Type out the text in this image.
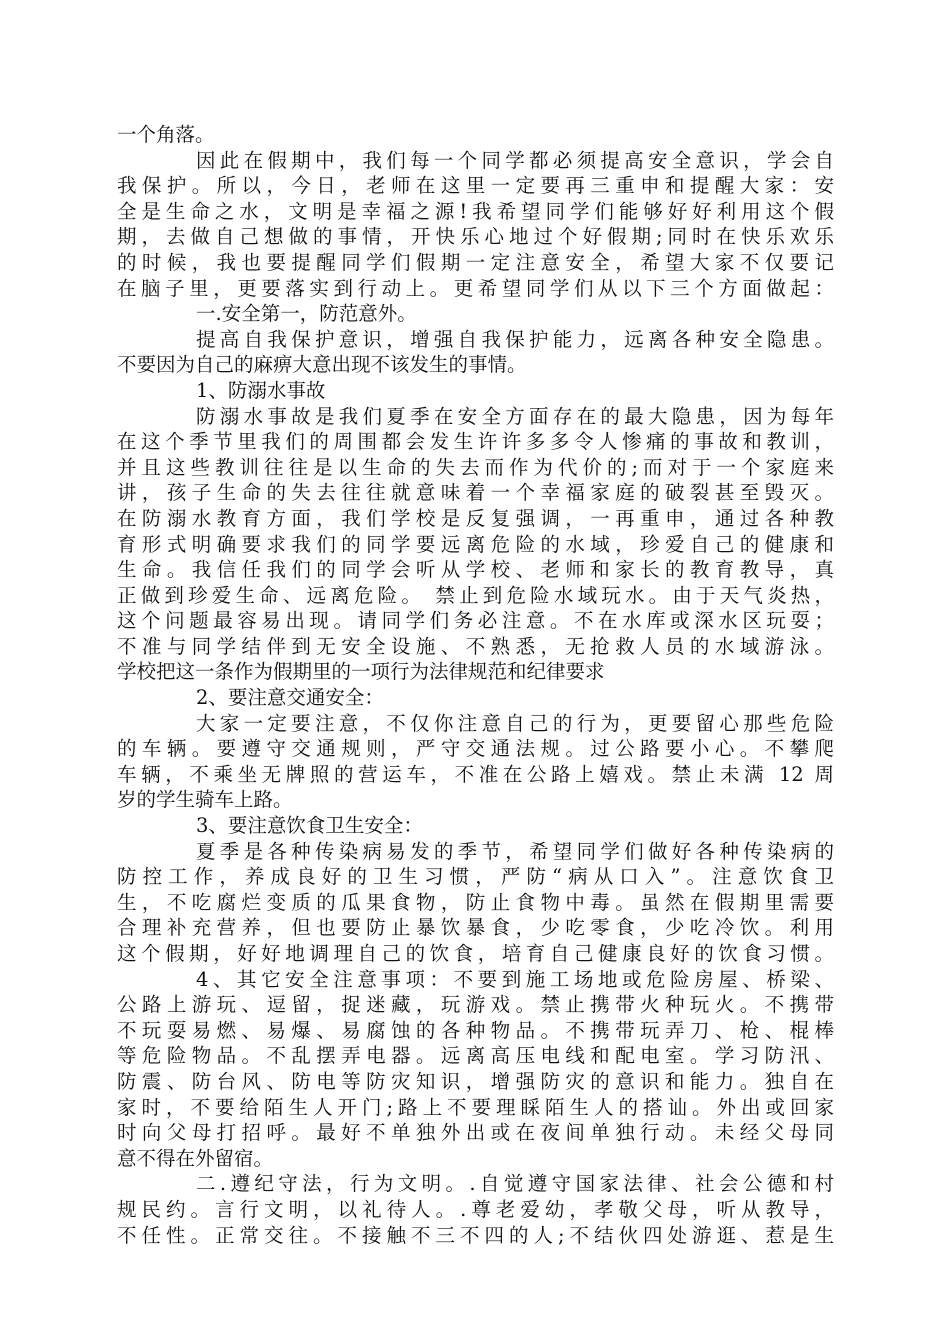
一个角落。
因此在假期中，我们每一个同学都必须提高安全意识，学会自
我保护。所以，今日，老师在这里一定要再三重申和提醒大家：安
全是生命之水，文明是幸福之源!我希望同学们能够好好利用这个假
期，去做自己想做的事情，开快乐心地过个好假期;同时在快乐欢乐
的时候，我也要提醒同学们假期一定注意安全，希望大家不仅要记
在脑子里，更要落实到行动上。更希望同学们从以下三个方面做起：
一.安全第一，防范意外。
提高自我保护意识，增强自我保护能力，远离各种安全隐患。
不要因为自己的麻痹大意出现不该发生的事情。
1、防溺水事故
防溺水事故是我们夏季在安全方面存在的最大隐患，因为每年
在这个季节里我们的周围都会发生许许多多令人惨痛的事故和教训，
并且这些教训往往是以生命的失去而作为代价的;而对于一个家庭来
讲，孩子生命的失去往往就意味着一个幸福家庭的破裂甚至毁灭。
在防溺水教育方面，我们学校是反复强调，一再重申，通过各种教
育形式明确要求我们的同学要远离危险的水域，珍爱自己的健康和
生命。我信任我们的同学会听从学校、老师和家长的教育教导，真
正做到珍爱生命、远离危险。 禁止到危险水域玩水。由于天气炎热，
这个问题最容易出现。请同学们务必注意。不在水库或深水区玩耍；
不准与同学结伴到无安全设施、不熟悉，无抢救人员的水域游泳。
学校把这一条作为假期里的一项行为法律规范和纪律要求
2、要注意交通安全：
大家一定要注意，不仅你注意自己的行为，更要留心那些危险
的车辆。要遵守交通规则，严守交通法规。过公路要小心。不攀爬
车辆，不乘坐无牌照的营运车，不准在公路上嬉戏。禁止未满 12 周
岁的学生骑车上路。
3、要注意饮食卫生安全：
夏季是各种传染病易发的季节，希望同学们做好各种传染病的
防控工作，养成良好的卫生习惯，严防“病从口入”。注意饮食卫
生，不吃腐烂变质的瓜果食物，防止食物中毒。虽然在假期里需要
合理补充营养，但也要防止暴饮暴食，少吃零食，少吃冷饮。利用
这个假期，好好地调理自己的饮食，培育自己健康良好的饮食习惯。
4、其它安全注意事项：不要到施工场地或危险房屋、桥梁、
公路上游玩、逗留，捉迷藏，玩游戏。禁止携带火种玩火。不携带
不玩耍易燃、易爆、易腐蚀的各种物品。不携带玩弄刀、枪、棍棒
等危险物品。不乱摆弄电器。远离高压电线和配电室。学习防汛、
防震、防台风、防电等防灾知识，增强防灾的意识和能力。独自在
家时，不要给陌生人开门;路上不要理睬陌生人的搭讪。外出或回家
时向父母打招呼。最好不单独外出或在夜间单独行动。未经父母同
意不得在外留宿。
二.遵纪守法，行为文明。.自觉遵守国家法律、社会公德和村
规民约。言行文明，以礼待人。.尊老爱幼，孝敬父母，听从教导，
不任性。正常交往。不接触不三不四的人;不结伙四处游逛、惹是生
